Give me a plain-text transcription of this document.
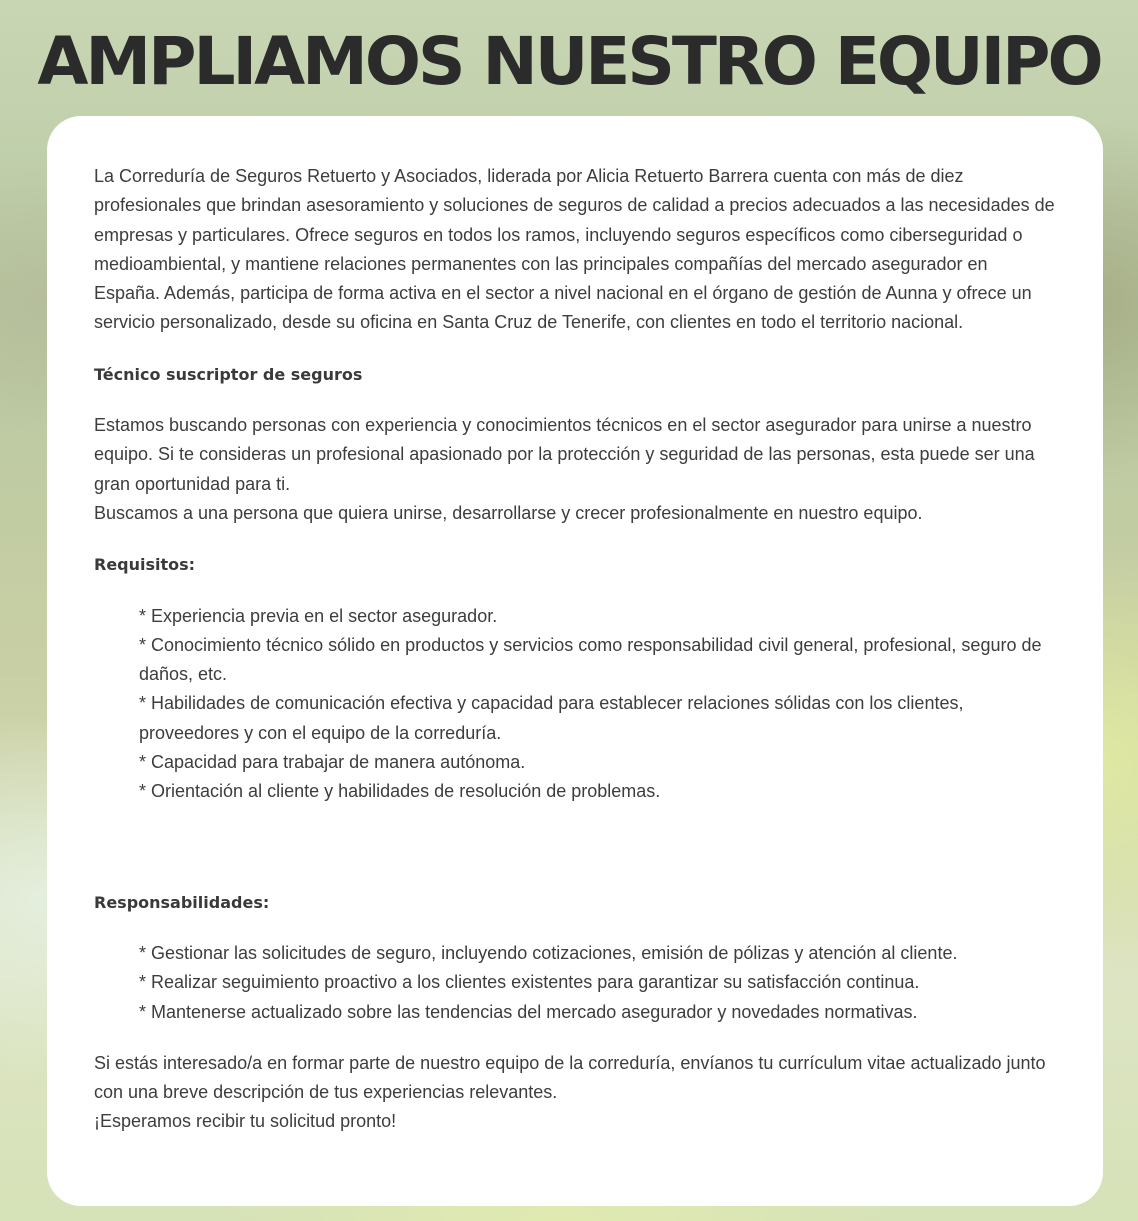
AMPLIAMOS NUESTRO EQUIPO

La Correduría de Seguros Retuerto y Asociados, liderada por Alicia Retuerto Barrera cuenta con más de diez profesionales que brindan asesoramiento y soluciones de seguros de calidad a precios adecuados a las necesidades de empresas y particulares. Ofrece seguros en todos los ramos, incluyendo seguros específicos como ciberseguridad o medioambiental, y mantiene relaciones permanentes con las principales compañías del mercado asegurador en España. Además, participa de forma activa en el sector a nivel nacional en el órgano de gestión de Aunna y ofrece un servicio personalizado, desde su oficina en Santa Cruz de Tenerife, con clientes en todo el territorio nacional.

Técnico suscriptor de seguros

Estamos buscando personas con experiencia y conocimientos técnicos en el sector asegurador para unirse a nuestro equipo. Si te consideras un profesional apasionado por la protección y seguridad de las personas, esta puede ser una gran oportunidad para ti.
Buscamos a una persona que quiera unirse, desarrollarse y crecer profesionalmente en nuestro equipo.

Requisitos:

* Experiencia previa en el sector asegurador.
* Conocimiento técnico sólido en productos y servicios como responsabilidad civil general, profesional, seguro de daños, etc.
* Habilidades de comunicación efectiva y capacidad para establecer relaciones sólidas con los clientes, proveedores y con el equipo de la correduría.
* Capacidad para trabajar de manera autónoma.
* Orientación al cliente y habilidades de resolución de problemas.

Responsabilidades:

* Gestionar las solicitudes de seguro, incluyendo cotizaciones, emisión de pólizas y atención al cliente.
* Realizar seguimiento proactivo a los clientes existentes para garantizar su satisfacción continua.
* Mantenerse actualizado sobre las tendencias del mercado asegurador y novedades normativas.
Si estás interesado/a en formar parte de nuestro equipo de la correduría, envíanos tu currículum vitae actualizado junto con una breve descripción de tus experiencias relevantes.
¡Esperamos recibir tu solicitud pronto!
